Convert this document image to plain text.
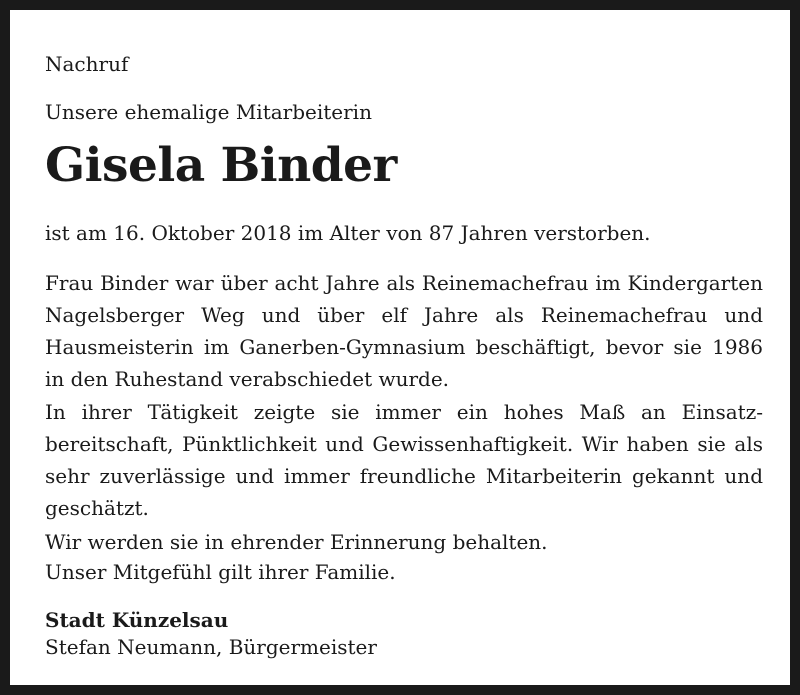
Nachruf
Unsere ehemalige Mitarbeiterin
Gisela Binder
ist am 16. Oktober 2018 im Alter von 87 Jahren verstorben.
Frau Binder war über acht Jahre als Reinemachefrau im Kindergarten Nagelsberger Weg und über elf Jahre als Reinemachefrau und Hausmeisterin im Ganerben-Gymnasium beschäftigt, bevor sie 1986 in den Ruhestand verabschiedet wurde.
In ihrer Tätigkeit zeigte sie immer ein hohes Maß an Einsatzbereitschaft, Pünktlichkeit und Gewissenhaftigkeit. Wir haben sie als sehr zuverlässige und immer freundliche Mitarbeiterin gekannt und geschätzt.
Wir werden sie in ehrender Erinnerung behalten.
Unser Mitgefühl gilt ihrer Familie.
Stadt Künzelsau
Stefan Neumann, Bürgermeister
